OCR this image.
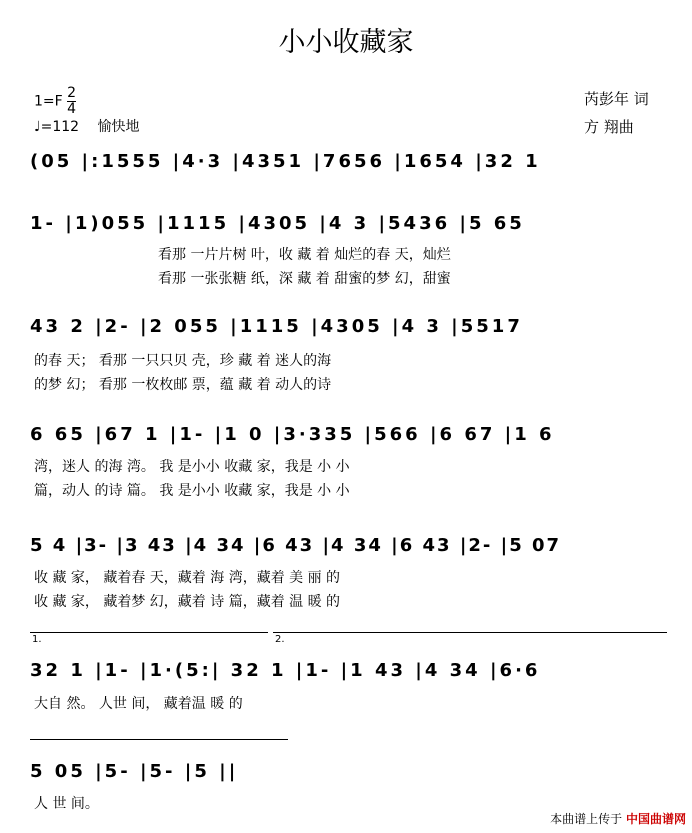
小小收藏家
$1=F \frac{2}{4}$
♩=112 愉快地
芮彭年 词
方 翔曲
(05 |:1555 |4·3 |4351 |7656 |1654 |32 1
1- |1)055 |1115 |4305 |4 3 |5436 |5 65
43 2 |2- |2 055 |1115 |4305 |4 3 |5517
6 65 |67 1 |1- |1 0 |3·335 |566 |6 67 |1 6
5 4 |3- |3 43 |4 34 |6 43 |4 34 |6 43 |2- |5 07
1.	2.
32 1 |1- |1·(5:| 32 1 |1- |1 43 |4 34 |6·6
5 05 |5- |5- |5 ||
看那 一片片树 叶，收 藏 着 灿烂的春 天，灿烂
看那 一张张糖 纸，深 藏 着 甜蜜的梦 幻，甜蜜
的春 天； 看那 一只只贝 壳，珍 藏 着 迷人的海
的梦 幻； 看那 一枚枚邮 票，蕴 藏 着 动人的诗
湾，迷人 的海 湾。 我 是小小 收藏 家，我是 小 小
篇，动人 的诗 篇。 我 是小小 收藏 家，我是 小 小
收 藏 家， 藏着春 天，藏着 海 湾，藏着 美 丽 的
收 藏 家， 藏着梦 幻，藏着 诗 篇，藏着 温 暖 的
大自 然。 人世 间， 藏着温 暖 的
人 世 间。
本曲谱上传于 中国曲谱网
